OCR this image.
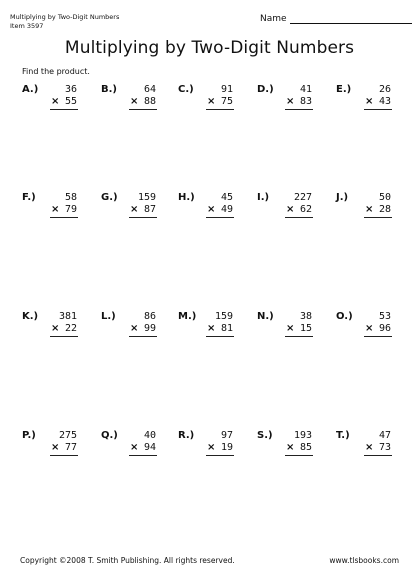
Multiplying by Two-Digit Numbers
Item 3597
Name
Multiplying by Two-Digit Numbers
Find the product.
A.)	36
× 55
B.)	64
× 88
C.)	91
× 75
D.)	41
× 83
E.)	26
× 43
F.)	58
× 79
G.) 159
× 87
H.)	45
× 49
I.) 227
× 62
J.)	50
× 28
K.) 381
× 22
L.)	86
× 99
M.) 159
× 81
N.)	38
× 15
O.)	53
× 96
P.) 275
× 77
Q.)	40
× 94
R.)	97
× 19
S.) 193
× 85
T.)	47
× 73
Copyright ©2008 T. Smith Publishing. All rights reserved.	www.tlsbooks.com
